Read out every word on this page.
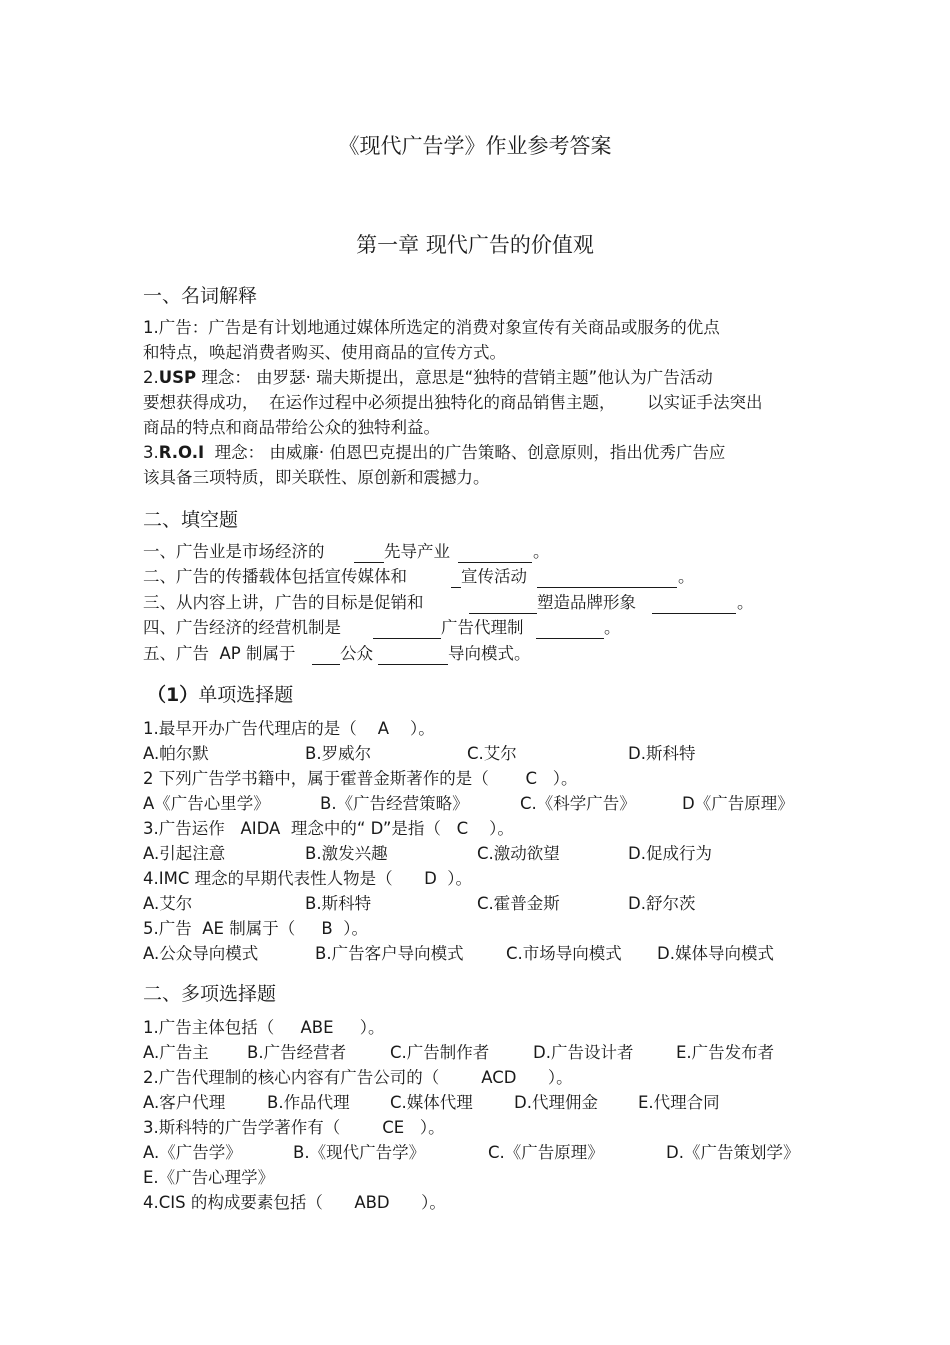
《现代广告学》作业参考答案
第一章 现代广告的价值观
一、名词解释
1.广告：广告是有计划地通过媒体所选定的消费对象宣传有关商品或服务的优点
和特点，唤起消费者购买、使用商品的宣传方式。
2.USP 理念： 由罗瑟· 瑞夫斯提出，意思是“独特的营销主题”他认为广告活动
要想获得成功，  在运作过程中必须提出独特化的商品销售主题，      以实证手法突出
商品的特点和商品带给公众的独特利益。
3.R.O.I  理念： 由威廉· 伯恩巴克提出的广告策略、创意原则，指出优秀广告应
该具备三项特质，即关联性、原创新和震撼力。
二、填空题
一、广告业是市场经济的	先导产业	。
二、广告的传播载体包括宣传媒体和	宣传活动	。
三、从内容上讲，广告的目标是促销和	塑造品牌形象	。
四、广告经济的经营机制是	广告代理制	。
五、广告  AP 制属于	公众	导向模式。
（1）单项选择题
1.最早开办广告代理店的是（    A    ）。
A.帕尔默	B.罗威尔	C.艾尔	D.斯科特
2 下列广告学书籍中，属于霍普金斯著作的是（       C   ）。
A《广告心里学》	B.《广告经营策略》	C.《科学广告》	D《广告原理》
3.广告运作   AIDA  理念中的“ D”是指（   C    ）。
A.引起注意	B.激发兴趣	C.激动欲望	D.促成行为
4.IMC 理念的早期代表性人物是（      D  ）。
A.艾尔	B.斯科特	C.霍普金斯	D.舒尔茨
5.广告  AE 制属于（     B  ）。
A.公众导向模式	B.广告客户导向模式	C.市场导向模式 D.媒体导向模式
二、多项选择题
1.广告主体包括（     ABE     ）。
A.广告主 B.广告经营者	C.广告制作者	D.广告设计者	E.广告发布者
2.广告代理制的核心内容有广告公司的（        ACD      ）。
A.客户代理	B.作品代理 C.媒体代理 D.代理佣金 E.代理合同
3.斯科特的广告学著作有（        CE   ）。
A.《广告学》	B.《现代广告学》	C.《广告原理》	D.《广告策划学》
E.《广告心理学》
4.CIS 的构成要素包括（      ABD      ）。
